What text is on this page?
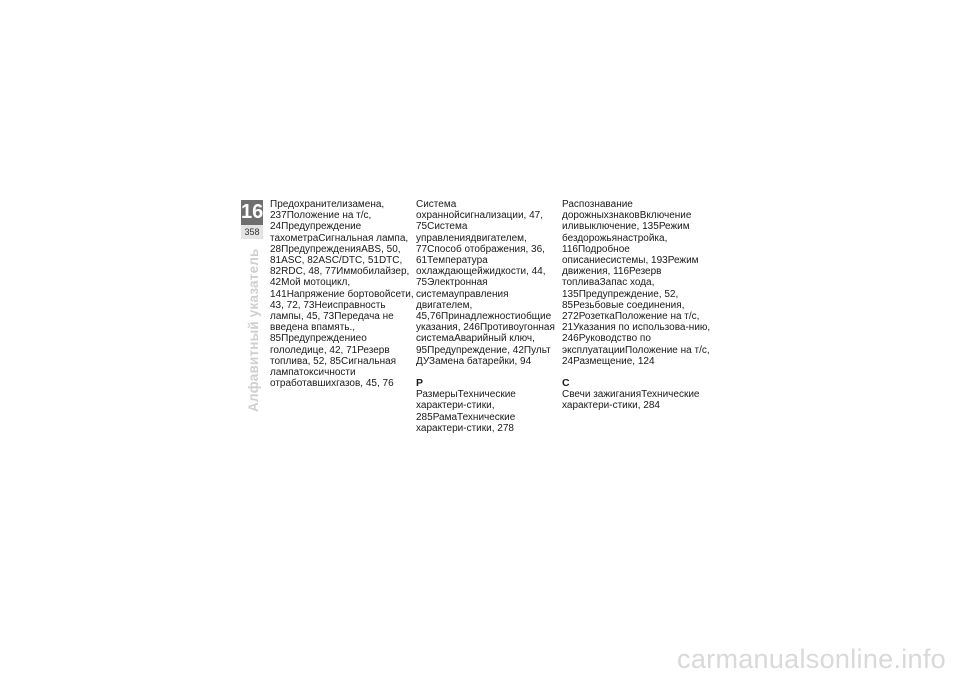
16
358
Алфавитный указатель
Предохранителизамена, 237Положение на т/с, 24Предупреждение тахометраСигнальная лампа, 28ПредупрежденияABS, 50, 81ASC, 82ASC/DTC, 51DTC, 82RDC, 48, 77Иммобилайзер, 42Мой мотоцикл, 141Напряжение бортовойсети, 43, 72, 73Неисправность лампы, 45, 73Передача не введена впамять., 85Предупреждениео гололедице, 42, 71Резерв топлива, 52, 85Сигнальная лампатоксичности отработавшихгазов, 45, 76
Система охраннойсигнализации, 47, 75Система управлениядвигателем, 77Способ отображения, 36, 61Температура охлаждающейжидкости, 44, 75Электронная системауправления двигателем, 45,76Принадлежностиобщие указания, 246Противоугонная системаАварийный ключ, 95Предупреждение, 42Пульт ДУЗамена батарейки, 94
Р
РазмерыТехнические характери-стики, 285РамаТехнические характери-стики, 278
Распознавание дорожныхзнаковВключение иливыключение, 135Режим бездорожьянастройка, 116Подробное описаниесистемы, 193Режим движения, 116Резерв топливаЗапас хода, 135Предупреждение, 52, 85Резьбовые соединения, 272РозеткаПоложение на т/с, 21Указания по использова-нию, 246Руководство по эксплуатацииПоложение на т/с, 24Размещение, 124
С
Свечи зажиганияТехнические характери-стики, 284
carmanualsonline.info
